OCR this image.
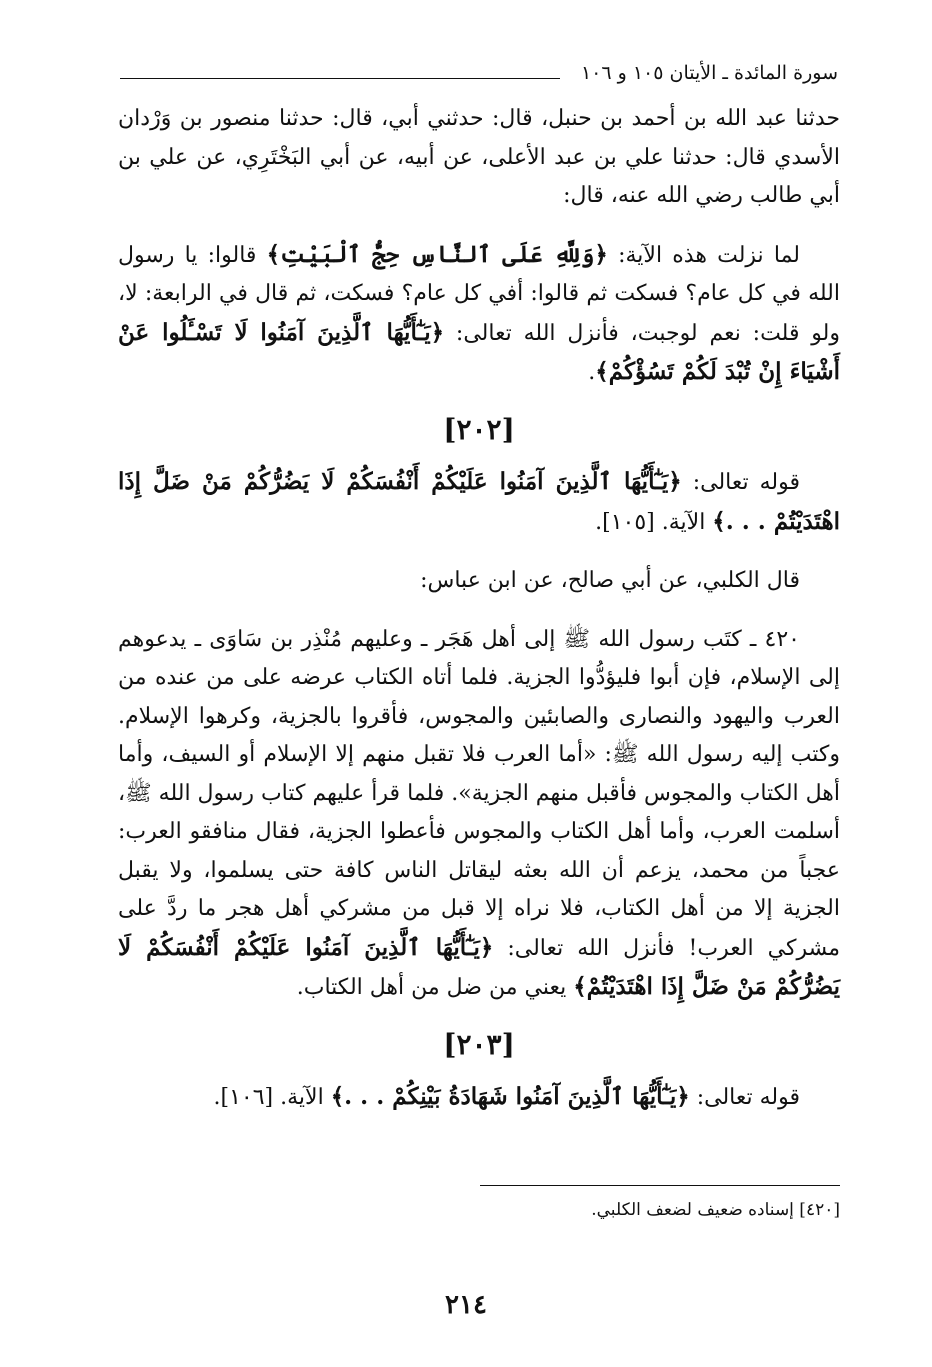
سورة المائدة ـ الأيتان ١٠٥ و ١٠٦

حدثنا عبد الله بن أحمد بن حنبل، قال: حدثني أبي، قال: حدثنا منصور بن وَرْدان الأسدي قال: حدثنا علي بن عبد الأعلى، عن أبيه، عن أبي البَخْتَرِي، عن علي بن أبي طالب رضي الله عنه، قال:

لما نزلت هذه الآية: ﴿وَلِلَّهِ عَلَى ٱلنَّاسِ حِجُّ ٱلْبَيْتِ﴾ قالوا: يا رسول الله في كل عام؟ فسكت ثم قالوا: أفي كل عام؟ فسكت، ثم قال في الرابعة: لا، ولو قلت: نعم لوجبت، فأنزل الله تعالى: ﴿يَـٰٓأَيُّهَا ٱلَّذِينَ آمَنُوا لَا تَسْـَٔلُوا عَنْ أَشْيَاءَ إِنْ تُبْدَ لَكُمْ تَسُؤْكُمْ﴾.

[٢٠٢]

قوله تعالى: ﴿يَـٰٓأَيُّهَا ٱلَّذِينَ آمَنُوا عَلَيْكُمْ أَنْفُسَكُمْ لَا يَضُرُّكُمْ مَنْ ضَلَّ إِذَا اهْتَدَيْتُمْ . . .﴾ الآية. [١٠٥].

قال الكلبي، عن أبي صالح، عن ابن عباس:

٤٢٠ ـ كتَب رسول الله ﷺ إلى أهل هَجَر ـ وعليهم مُنْذِر بن سَاوَى ـ يدعوهم إلى الإسلام، فإن أبوا فليؤدُّوا الجزية. فلما أتاه الكتاب عرضه على من عنده من العرب واليهود والنصارى والصابئين والمجوس، فأقروا بالجزية، وكرهوا الإسلام. وكتب إليه رسول الله ﷺ: «أما العرب فلا تقبل منهم إلا الإسلام أو السيف، وأما أهل الكتاب والمجوس فأقبل منهم الجزية». فلما قرأ عليهم كتاب رسول الله ﷺ، أسلمت العرب، وأما أهل الكتاب والمجوس فأعطوا الجزية، فقال منافقو العرب: عجباً من محمد، يزعم أن الله بعثه ليقاتل الناس كافة حتى يسلموا، ولا يقبل الجزية إلا من أهل الكتاب، فلا نراه إلا قبل من مشركي أهل هجر ما ردَّ على مشركي العرب! فأنزل الله تعالى: ﴿يَـٰٓأَيُّهَا ٱلَّذِينَ آمَنُوا عَلَيْكُمْ أَنْفُسَكُمْ لَا يَضُرُّكُمْ مَنْ ضَلَّ إِذَا اهْتَدَيْتُمْ﴾ يعني من ضل من أهل الكتاب.

[٢٠٣]

قوله تعالى: ﴿يَـٰٓأَيُّهَا ٱلَّذِينَ آمَنُوا شَهَادَةُ بَيْنِكُمْ . . .﴾ الآية. [١٠٦].

[٤٢٠] إسناده ضعيف لضعف الكلبي.
٢١٤
